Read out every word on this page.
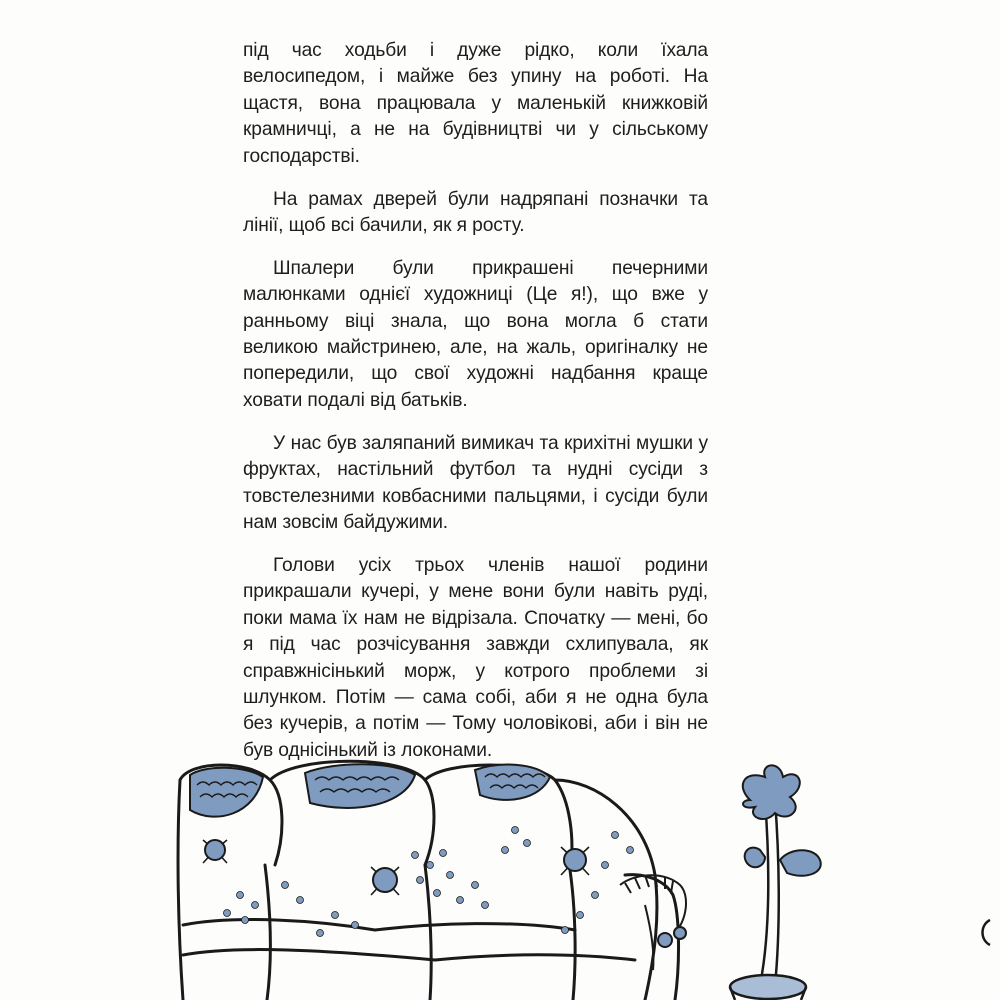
під час ходьби і дуже рідко, коли їхала велосипедом, і майже без упину на роботі. На щастя, вона працювала у маленькій книжковій крамничці, а не на будівництві чи у сільському господарстві.

На рамах дверей були надряпані позначки та лінії, щоб всі бачили, як я росту.

Шпалери були прикрашені печерними малюнками однієї художниці (Це я!), що вже у ранньому віці знала, що вона могла б стати великою майстринею, але, на жаль, оригіналку не попередили, що свої художні надбання краще ховати подалі від батьків.

У нас був заляпаний вимикач та крихітні мушки у фруктах, настільний футбол та нудні сусіди з товстелезними ковбасними пальцями, і сусіди були нам зовсім байдужими.

Голови усіх трьох членів нашої родини прикрашали кучері, у мене вони були навіть руді, поки мама їх нам не відрізала. Спочатку — мені, бо я під час розчісування завжди схлипувала, як справжнісінький морж, у котрого проблеми зі шлунком. Потім — сама собі, аби я не одна була без кучерів, а потім — Тому чоловікові, аби і він не був однісінький із локонами.
